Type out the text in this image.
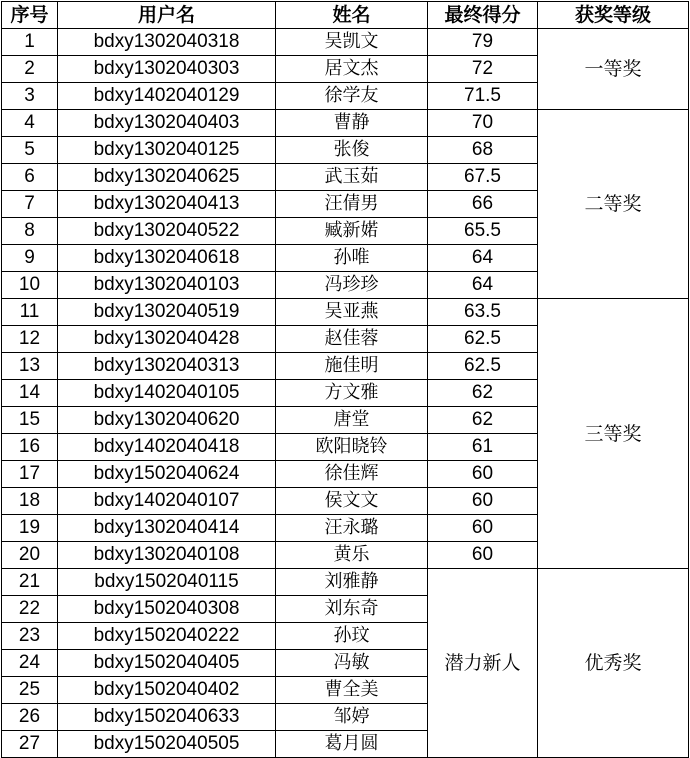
序号	用户名	姓名	最终得分	获奖等级
1	bdxy1302040318	吴凯文	79	一等奖
2	bdxy1302040303	居文杰	72	
3	bdxy1402040129	徐学友	71.5	
4	bdxy1302040403	曹静	70	二等奖
5	bdxy1302040125	张俊	68	
6	bdxy1302040625	武玉茹	67.5	
7	bdxy1302040413	汪倩男	66	
8	bdxy1302040522	臧新婼	65.5	
9	bdxy1302040618	孙唯	64	
10	bdxy1302040103	冯珍珍	64	
11	bdxy1302040519	吴亚燕	63.5	三等奖
12	bdxy1302040428	赵佳蓉	62.5	
13	bdxy1302040313	施佳明	62.5	
14	bdxy1402040105	方文雅	62	
15	bdxy1302040620	唐堂	62	
16	bdxy1402040418	欧阳晓铃	61	
17	bdxy1502040624	徐佳辉	60	
18	bdxy1402040107	侯文文	60	
19	bdxy1302040414	汪永璐	60	
20	bdxy1302040108	黄乐	60	
21	bdxy1502040115	刘雅静	潜力新人	优秀奖
22	bdxy1502040308	刘东奇		
23	bdxy1502040222	孙玟		
24	bdxy1502040405	冯敏		
25	bdxy1502040402	曹全美		
26	bdxy1502040633	邹婷		
27	bdxy1502040505	葛月圆		
